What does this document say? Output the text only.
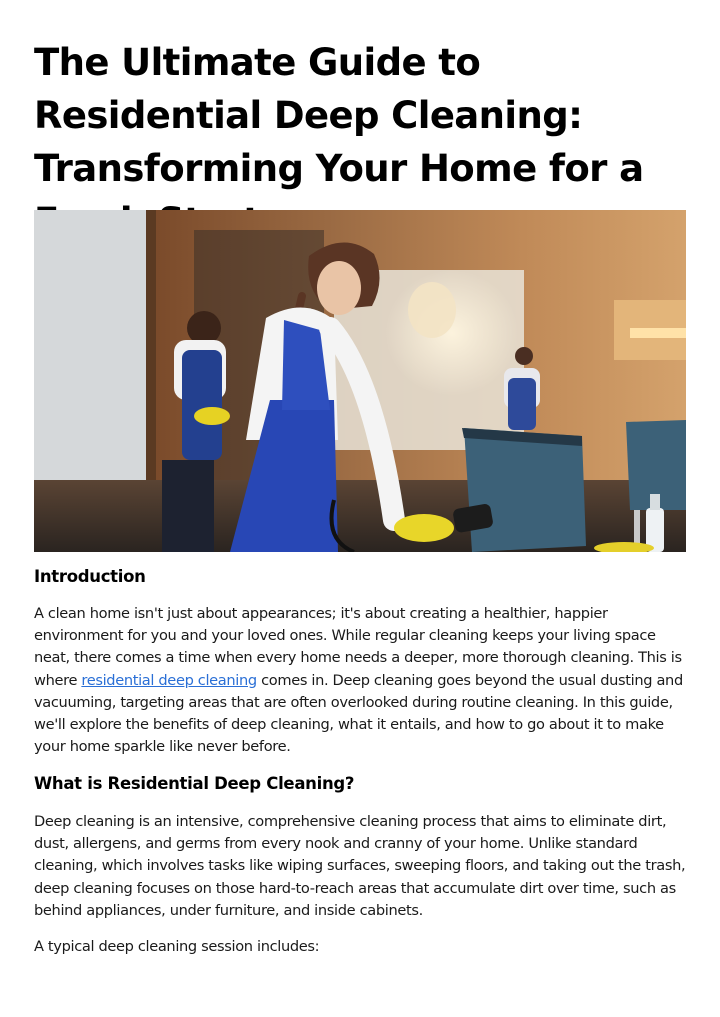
The Ultimate Guide to Residential Deep Cleaning: Transforming Your Home for a
Introduction

A clean home isn't just about appearances; it's about creating a healthier, happier environment for you and your loved ones. While regular cleaning keeps your living space neat, there comes a time when every home needs a deeper, more thorough cleaning. This is where residential deep cleaning comes in. Deep cleaning goes beyond the usual dusting and vacuuming, targeting areas that are often overlooked during routine cleaning. In this guide, we'll explore the benefits of deep cleaning, what it entails, and how to go about it to make your home sparkle like never before.

What is Residential Deep Cleaning?

Deep cleaning is an intensive, comprehensive cleaning process that aims to eliminate dirt, dust, allergens, and germs from every nook and cranny of your home. Unlike standard cleaning, which involves tasks like wiping surfaces, sweeping floors, and taking out the trash, deep cleaning focuses on those hard-to-reach areas that accumulate dirt over time, such as behind appliances, under furniture, and inside cabinets.

A typical deep cleaning session includes:
